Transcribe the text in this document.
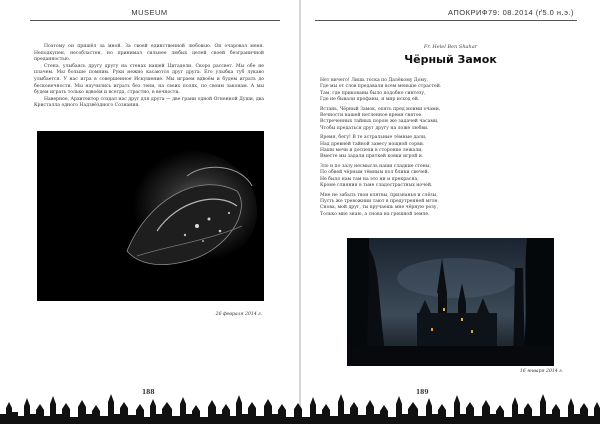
MUSEUM

Поэтому он пришёл за мной. За своей единственной любовью. Он очаровал меня. Неподкупен, несобластен, но принимал сильнее любых целей своей безграничной преданностью.

Стена, улыбаясь другу другу на стенах нашей Цитадели. Скоро рассвет. Мы обе не плачем. Мы больше помним. Руки нежно касаются друг друга. Его улыбка туб лукаво улыбается. У нас игра в совершенное Искушение. Мы играем вдвоём и будем играть до бесконечности. Мы научились играть без тени, на своих полях, по своим законам. А мы будем играть только вдвоём и всегда, страстно, в вечности.

Наверное, Архитектор создал нас друг для друга — две грани одной Огненной Души, два Кристалла одного Надзвёздного Сознания.

26 февраля 2014 г.
188
АПОКРИФ79: 08.2014 (ґ5.0 н.э.)
Fr. Helel Ben Shahar
Чёрный Замок
Нет ничего! Лишь тоска по Далёкому Дому,
Где мы от слов предавали всем меньше страстей.
Там, где прикованы было подобно синтезу,
Где не бывали профаны, и мир исход ей.
Встань, Чёрный Замок, опять пред моими очами,
Вечности нашей нетленное время святое.
Встреченных тайных порою же задачей часами,
Чтобы предаться друг другу на ложе любви.
Время, бегу! В те астральные тёмные дали,
Над древней тайной завесу нощной сорви.
Наши мечи и доспехи в сторонке лежали,
Вместе мы задали пряткей ковки игрой и.
Зло и по залу несмысль наши сладкие стены,
По обвей чёрным тёмным пол блики свечей.
Не было нам там на это ни и прекрасна,
Кроме слияния в тьме сладострастных ночей.
Мне не забыть твои клятвы, признанья и слёзы,
Пусть же тревожнии тают в предутренней мгле.
Снова, мой друг, ты вручаешь мне чёрную розу,
Только мне знаю, а снова на грешной земле.
16 января 2014 г.
189
